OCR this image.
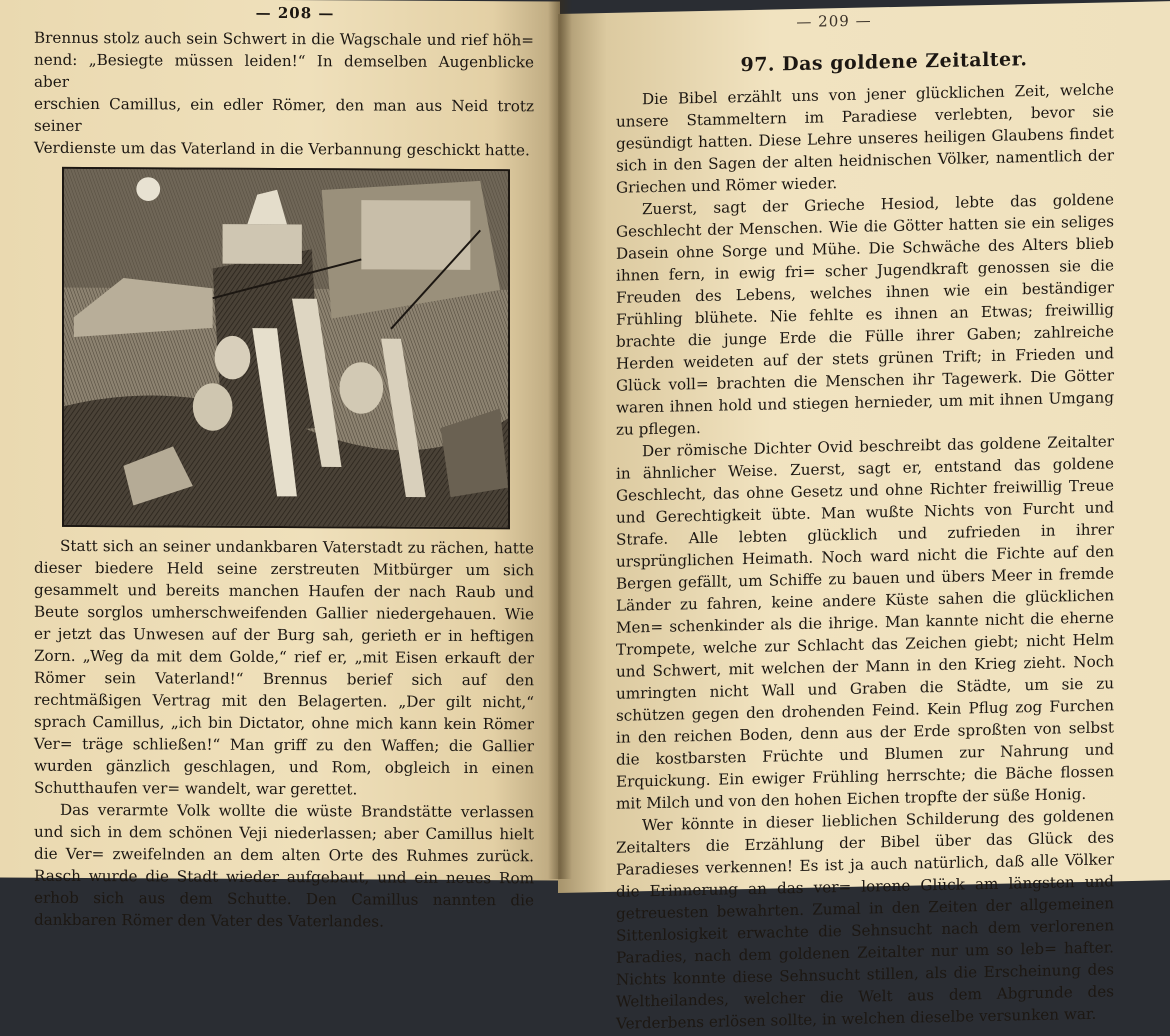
— 208 —
Brennus stolz auch sein Schwert in die Wagschale und rief höh=
nend: „Besiegte müssen leiden!“ In demselben Augenblicke aber
erschien Camillus, ein edler Römer, den man aus Neid trotz seiner
Verdienste um das Vaterland in die Verbannung geschickt hatte.

Statt sich an seiner undankbaren Vaterstadt zu rächen, hatte dieser biedere Held seine zerstreuten Mitbürger um sich gesammelt und bereits manchen Haufen der nach Raub und Beute sorglos umherschweifenden Gallier niedergehauen. Wie er jetzt das Unwesen auf der Burg sah, gerieth er in heftigen Zorn. „Weg da mit dem Golde,“ rief er, „mit Eisen erkauft der Römer sein Vaterland!“ Brennus berief sich auf den rechtmäßigen Vertrag mit den Belagerten. „Der gilt nicht,“ sprach Camillus, „ich bin Dictator, ohne mich kann kein Römer Ver= träge schließen!“ Man griff zu den Waffen; die Gallier wurden gänzlich geschlagen, und Rom, obgleich in einen Schutthaufen ver= wandelt, war gerettet.

Das verarmte Volk wollte die wüste Brandstätte verlassen und sich in dem schönen Veji niederlassen; aber Camillus hielt die Ver= zweifelnden an dem alten Orte des Ruhmes zurück. Rasch wurde die Stadt wieder aufgebaut, und ein neues Rom erhob sich aus dem Schutte. Den Camillus nannten die dankbaren Römer den Vater des Vaterlandes.

— 209 —
97. Das goldene Zeitalter.

Die Bibel erzählt uns von jener glücklichen Zeit, welche unsere Stammeltern im Paradiese verlebten, bevor sie gesündigt hatten. Diese Lehre unseres heiligen Glaubens findet sich in den Sagen der alten heidnischen Völker, namentlich der Griechen und Römer wieder.

Zuerst, sagt der Grieche Hesiod, lebte das goldene Geschlecht der Menschen. Wie die Götter hatten sie ein seliges Dasein ohne Sorge und Mühe. Die Schwäche des Alters blieb ihnen fern, in ewig fri= scher Jugendkraft genossen sie die Freuden des Lebens, welches ihnen wie ein beständiger Frühling blühete. Nie fehlte es ihnen an Etwas; freiwillig brachte die junge Erde die Fülle ihrer Gaben; zahlreiche Herden weideten auf der stets grünen Trift; in Frieden und Glück voll= brachten die Menschen ihr Tagewerk. Die Götter waren ihnen hold und stiegen hernieder, um mit ihnen Umgang zu pflegen.

Der römische Dichter Ovid beschreibt das goldene Zeitalter in ähnlicher Weise. Zuerst, sagt er, entstand das goldene Geschlecht, das ohne Gesetz und ohne Richter freiwillig Treue und Gerechtigkeit übte. Man wußte Nichts von Furcht und Strafe. Alle lebten glücklich und zufrieden in ihrer ursprünglichen Heimath. Noch ward nicht die Fichte auf den Bergen gefällt, um Schiffe zu bauen und übers Meer in fremde Länder zu fahren, keine andere Küste sahen die glücklichen Men= schenkinder als die ihrige. Man kannte nicht die eherne Trompete, welche zur Schlacht das Zeichen giebt; nicht Helm und Schwert, mit welchen der Mann in den Krieg zieht. Noch umringten nicht Wall und Graben die Städte, um sie zu schützen gegen den drohenden Feind. Kein Pflug zog Furchen in den reichen Boden, denn aus der Erde sproßten von selbst die kostbarsten Früchte und Blumen zur Nahrung und Erquickung. Ein ewiger Frühling herrschte; die Bäche flossen mit Milch und von den hohen Eichen tropfte der süße Honig.

Wer könnte in dieser lieblichen Schilderung des goldenen Zeitalters die Erzählung der Bibel über das Glück des Paradieses verkennen! Es ist ja auch natürlich, daß alle Völker die Erinnerung an das ver= lorene Glück am längsten und getreuesten bewahrten. Zumal in den Zeiten der allgemeinen Sittenlosigkeit erwachte die Sehnsucht nach dem verlorenen Paradies, nach dem goldenen Zeitalter nur um so leb= hafter. Nichts konnte diese Sehnsucht stillen, als die Erscheinung des Weltheilandes, welcher die Welt aus dem Abgrunde des Verderbens erlösen sollte, in welchen dieselbe versunken war.
